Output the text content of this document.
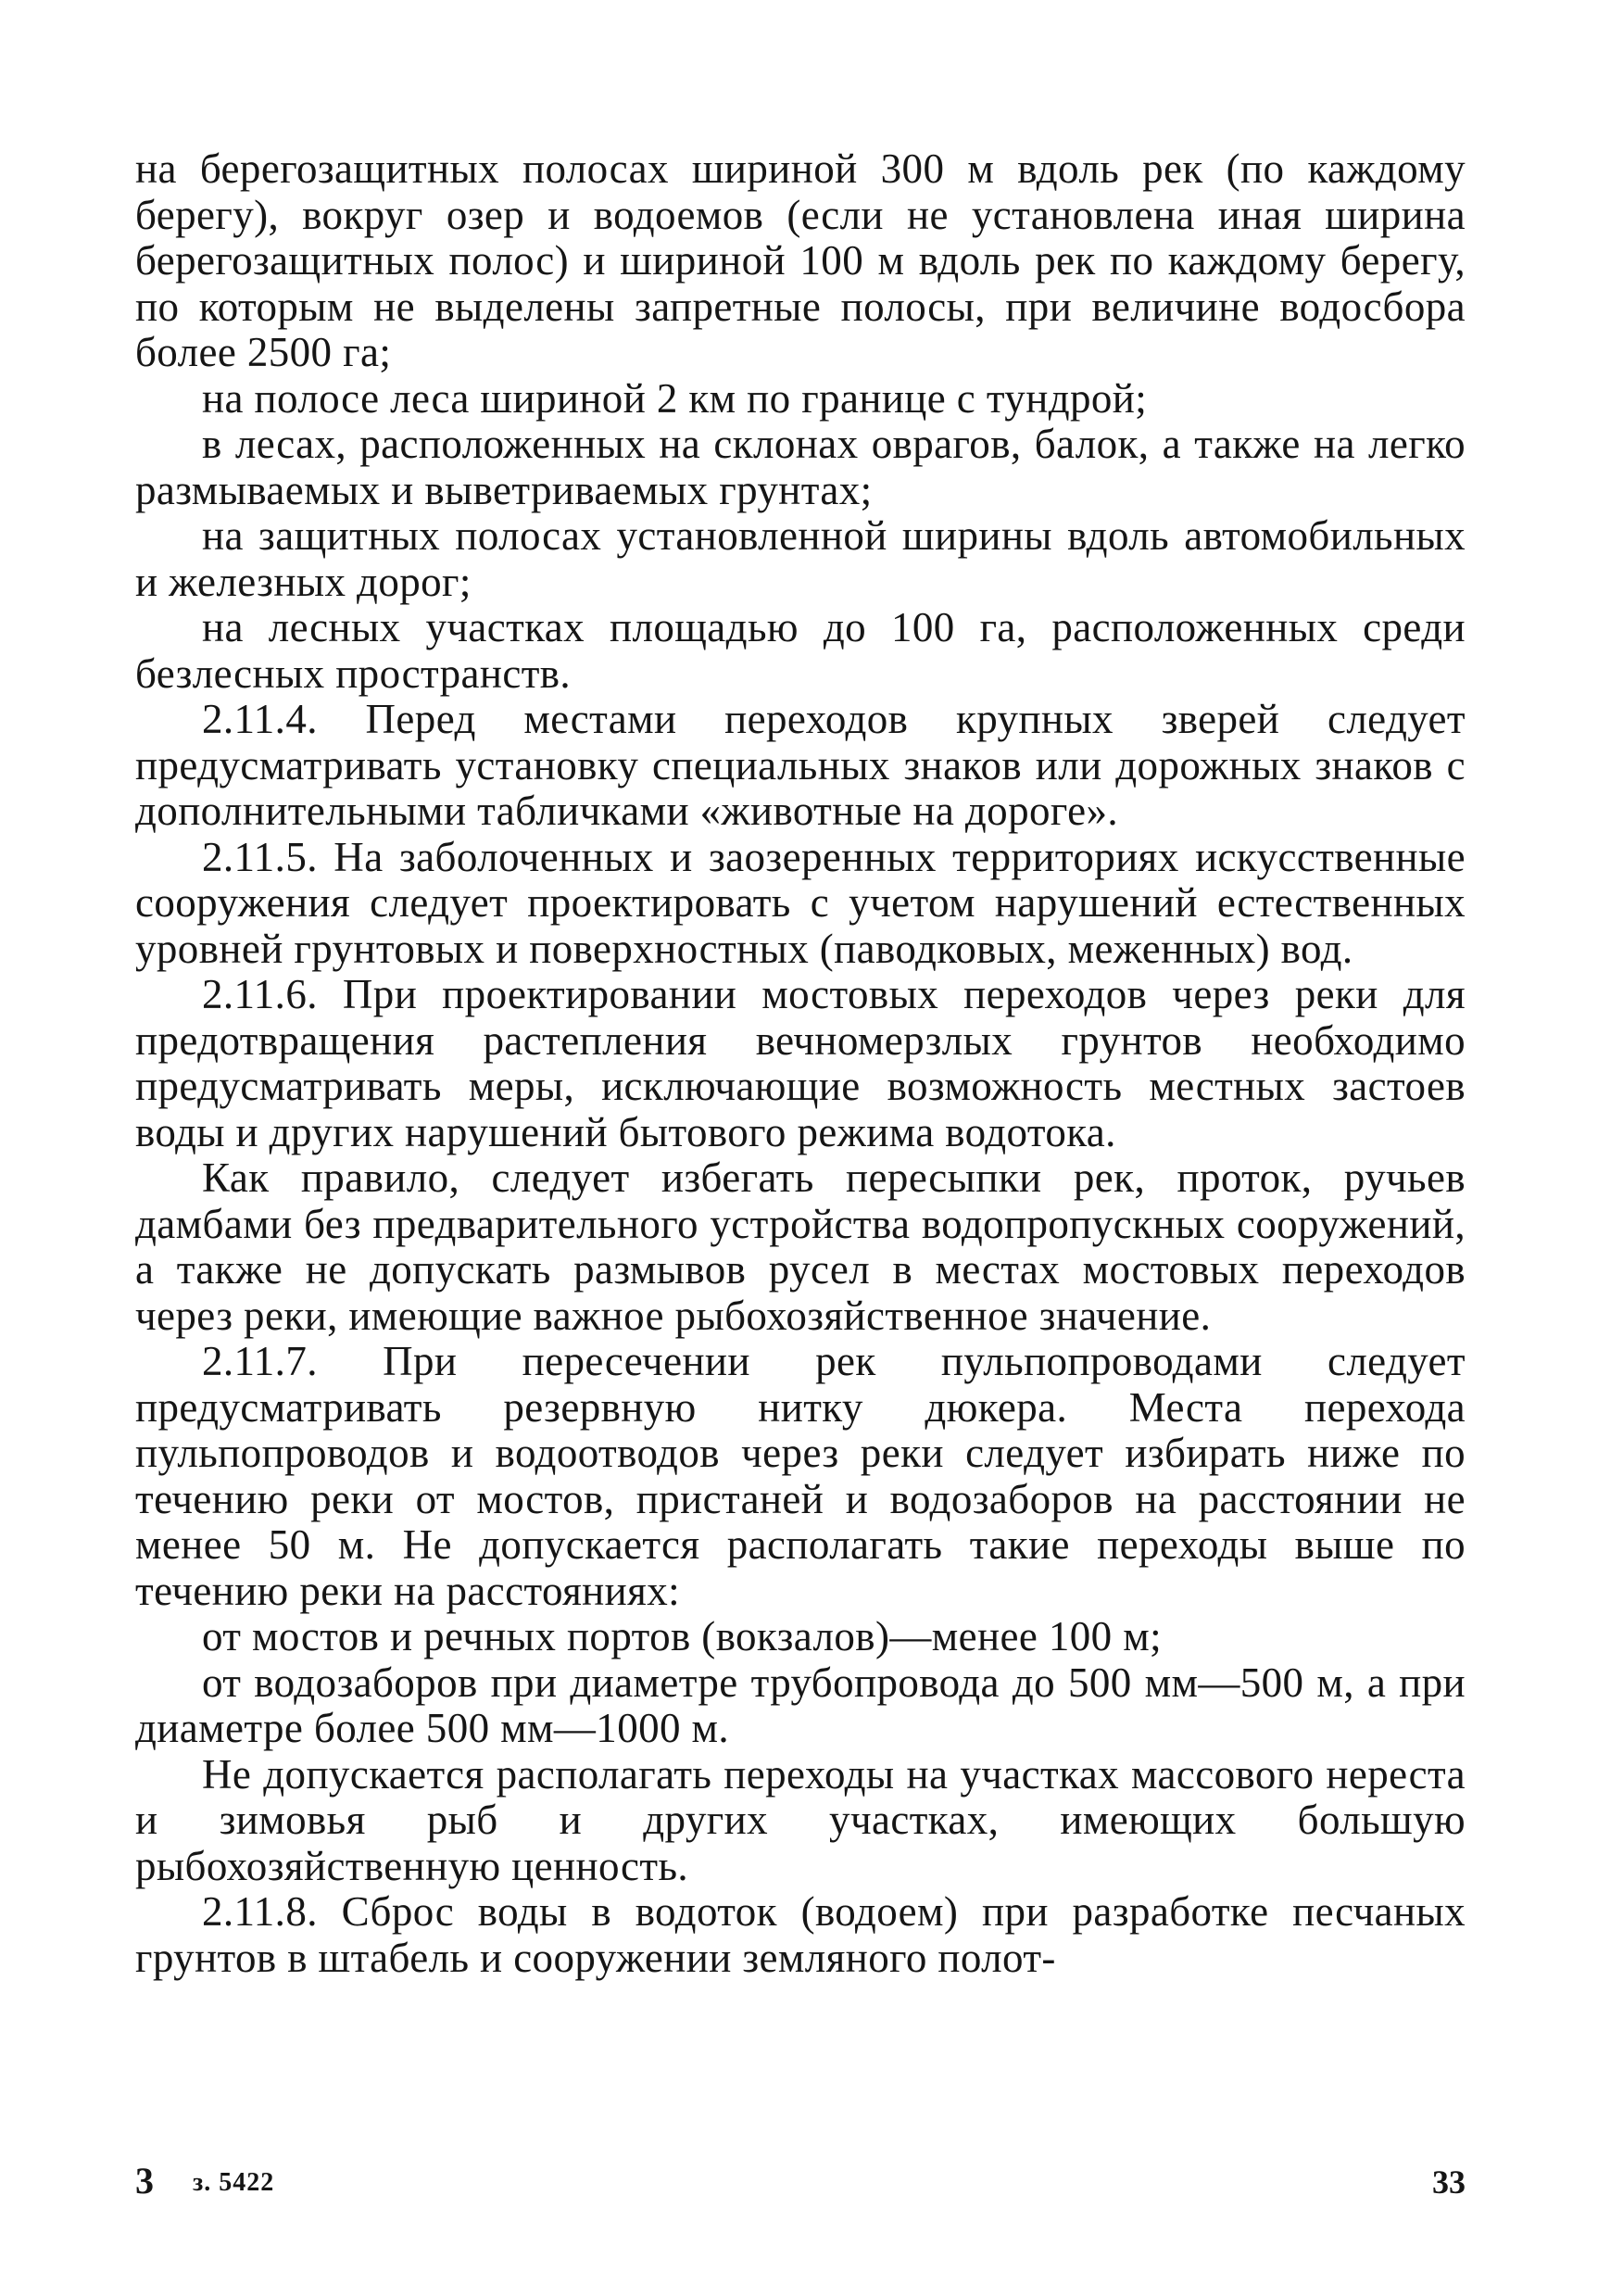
на берегозащитных полосах шириной 300 м вдоль рек (по каждому берегу), вокруг озер и водоемов (если не установлена иная ширина берегозащитных полос) и шириной 100 м вдоль рек по каждому берегу, по которым не выделены запретные полосы, при величине водосбора более 2500 га;

на полосе леса шириной 2 км по границе с тундрой;

в лесах, расположенных на склонах оврагов, балок, а также на легко размываемых и выветриваемых грунтах;

на защитных полосах установленной ширины вдоль автомобильных и железных дорог;

на лесных участках площадью до 100 га, расположенных среди безлесных пространств.

2.11.4. Перед местами переходов крупных зверей следует предусматривать установку специальных знаков или дорожных знаков с дополнительными табличками «животные на дороге».

2.11.5. На заболоченных и заозеренных территориях искусственные сооружения следует проектировать с учетом нарушений естественных уровней грунтовых и поверхностных (паводковых, меженных) вод.

2.11.6. При проектировании мостовых переходов через реки для предотвращения растепления вечномерзлых грунтов необходимо предусматривать меры, исключающие возможность местных застоев воды и других нарушений бытового режима водотока.

Как правило, следует избегать пересыпки рек, проток, ручьев дамбами без предварительного устройства водопропускных сооружений, а также не допускать размывов русел в местах мостовых переходов через реки, имеющие важное рыбохозяйственное значение.

2.11.7. При пересечении рек пульпопроводами следует предусматривать резервную нитку дюкера. Места перехода пульпопроводов и водоотводов через реки следует избирать ниже по течению реки от мостов, пристаней и водозаборов на расстоянии не менее 50 м. Не допускается располагать такие переходы выше по течению реки на расстояниях:

от мостов и речных портов (вокзалов)—менее 100 м;

от водозаборов при диаметре трубопровода до 500 мм—500 м, а при диаметре более 500 мм—1000 м.

Не допускается располагать переходы на участках массового нереста и зимовья рыб и других участках, имеющих большую рыбохозяйственную ценность.

2.11.8. Сброс воды в водоток (водоем) при разработке песчаных грунтов в штабель и сооружении земляного полот-

3 з. 5422	33
